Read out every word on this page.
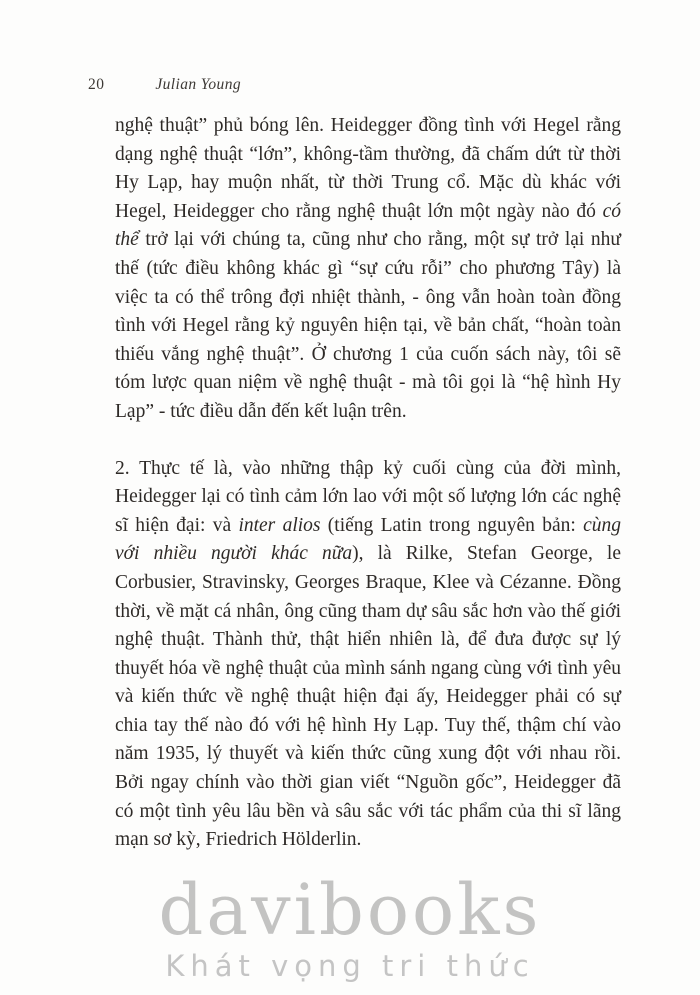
20	Julian Young

nghệ thuật” phủ bóng lên. Heidegger đồng tình với Hegel rằng dạng nghệ thuật “lớn”, không-tầm thường, đã chấm dứt từ thời Hy Lạp, hay muộn nhất, từ thời Trung cổ. Mặc dù khác với Hegel, Heidegger cho rằng nghệ thuật lớn một ngày nào đó có thể trở lại với chúng ta, cũng như cho rằng, một sự trở lại như thế (tức điều không khác gì “sự cứu rỗi” cho phương Tây) là việc ta có thể trông đợi nhiệt thành, - ông vẫn hoàn toàn đồng tình với Hegel rằng kỷ nguyên hiện tại, về bản chất, “hoàn toàn thiếu vắng nghệ thuật”. Ở chương 1 của cuốn sách này, tôi sẽ tóm lược quan niệm về nghệ thuật - mà tôi gọi là “hệ hình Hy Lạp” - tức điều dẫn đến kết luận trên.

2. Thực tế là, vào những thập kỷ cuối cùng của đời mình, Heidegger lại có tình cảm lớn lao với một số lượng lớn các nghệ sĩ hiện đại: và inter alios (tiếng Latin trong nguyên bản: cùng với nhiều người khác nữa), là Rilke, Stefan George, le Corbusier, Stravinsky, Georges Braque, Klee và Cézanne. Đồng thời, về mặt cá nhân, ông cũng tham dự sâu sắc hơn vào thế giới nghệ thuật. Thành thử, thật hiển nhiên là, để đưa được sự lý thuyết hóa về nghệ thuật của mình sánh ngang cùng với tình yêu và kiến thức về nghệ thuật hiện đại ấy, Heidegger phải có sự chia tay thế nào đó với hệ hình Hy Lạp. Tuy thế, thậm chí vào năm 1935, lý thuyết và kiến thức cũng xung đột với nhau rồi. Bởi ngay chính vào thời gian viết “Nguồn gốc”, Heidegger đã có một tình yêu lâu bền và sâu sắc với tác phẩm của thi sĩ lãng mạn sơ kỳ, Friedrich Hölderlin.

davibooks
Khát vọng tri thức
